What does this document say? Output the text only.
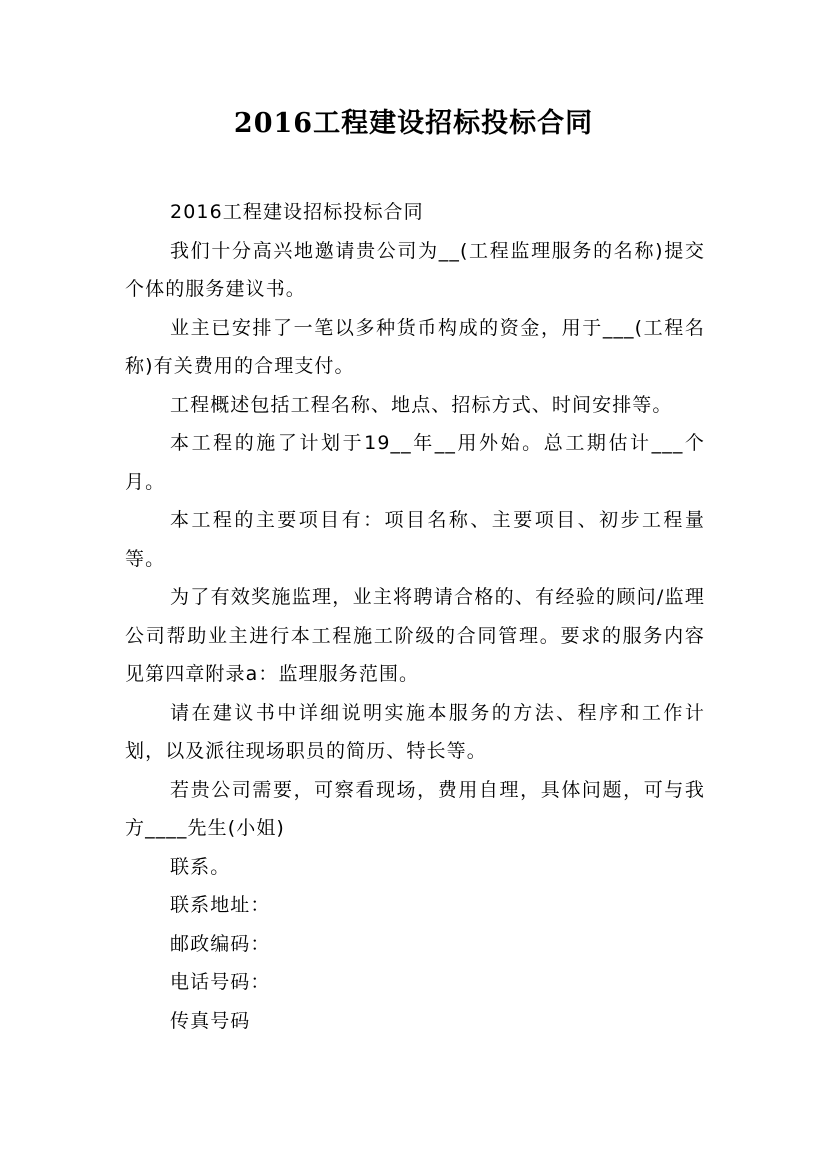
2016工程建设招标投标合同

2016工程建设招标投标合同

我们十分高兴地邀请贵公司为__(工程监理服务的名称)提交个体的服务建议书。

业主已安排了一笔以多种货币构成的资金，用于___(工程名称)有关费用的合理支付。

工程概述包括工程名称、地点、招标方式、时间安排等。

本工程的施了计划于19__年__用外始。总工期估计___个月。

本工程的主要项目有：项目名称、主要项目、初步工程量等。

为了有效奖施监理，业主将聘请合格的、有经验的顾问/监理公司帮助业主进行本工程施工阶级的合同管理。要求的服务内容见第四章附录a：监理服务范围。

请在建议书中详细说明实施本服务的方法、程序和工作计划，以及派往现场职员的简历、特长等。

若贵公司需要，可察看现场，费用自理，具体问题，可与我方____先生(小姐)

联系。

联系地址：

邮政编码：

电话号码：

传真号码
